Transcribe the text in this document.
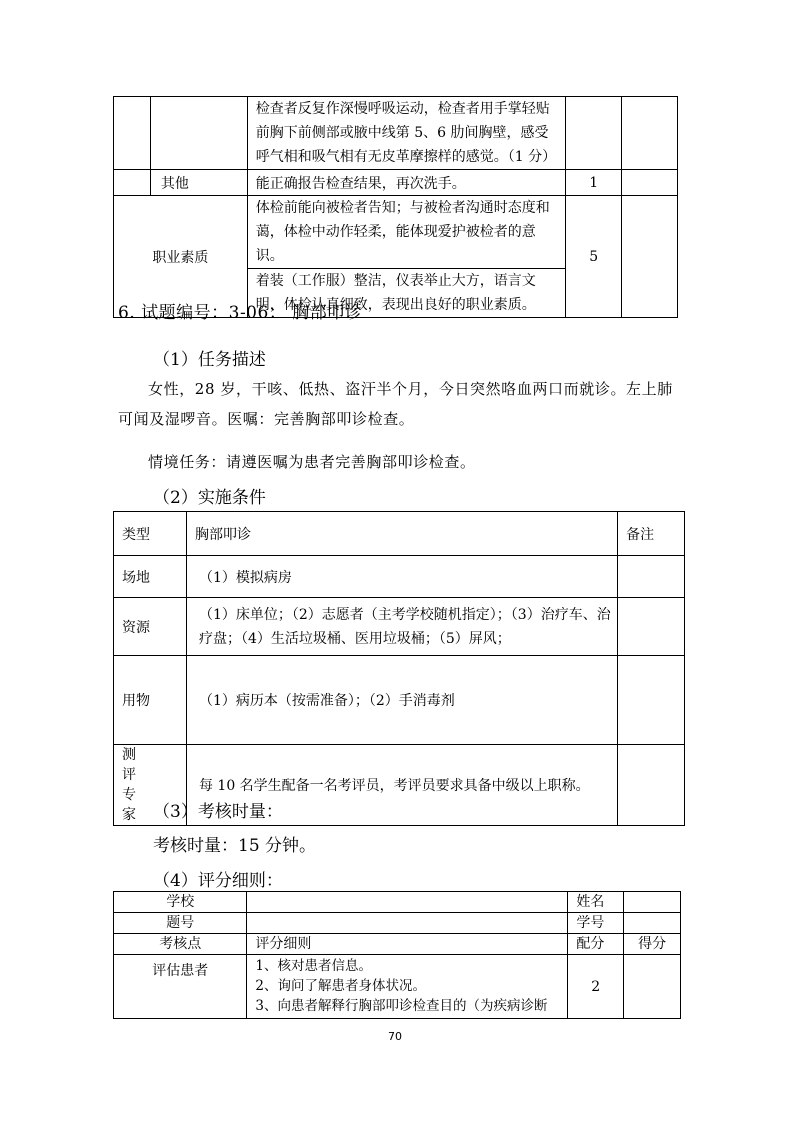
		检查者反复作深慢呼吸运动，检查者用手掌轻贴前胸下前侧部或腋中线第 5、6 肋间胸壁，感受呼气相和吸气相有无皮革摩擦样的感觉。（1 分）		

	其他	能正确报告检查结果，再次洗手。	1	
职业素质		体检前能向被检者告知；与被检者沟通时态度和蔼，体检中动作轻柔，能体现爱护被检者的意识。	5	

		着装（工作服）整洁，仪表举止大方，语言文明，体检认真细致，表现出良好的职业素质。		
6. 试题编号：3-06： 胸部叩诊
（1）任务描述
女性，28 岁，干咳、低热、盗汗半个月，今日突然咯血两口而就诊。左上肺可闻及湿啰音。医嘱：完善胸部叩诊检查。
情境任务：请遵医嘱为患者完善胸部叩诊检查。
（2）实施条件
类型	胸部叩诊	备注
场地	（1）模拟病房	
资源	（1）床单位；（2）志愿者（主考学校随机指定）；（3）治疗车、治疗盘；（4）生活垃圾桶、医用垃圾桶；（5）屏风；	

用物	（1）病历本（按需准备）；（2）手消毒剂	
测评专家	每 10 名学生配备一名考评员，考评员要求具备中级以上职称。	
（3）考核时量：
考核时量：15 分钟。
（4）评分细则：
学校		姓名	
题号		学号	
考核点	评分细则	配分	得分
评估患者	1、核对患者信息。
2、询问了解患者身体状况。
3、向患者解释行胸部叩诊检查目的（为疾病诊断	2	
70
